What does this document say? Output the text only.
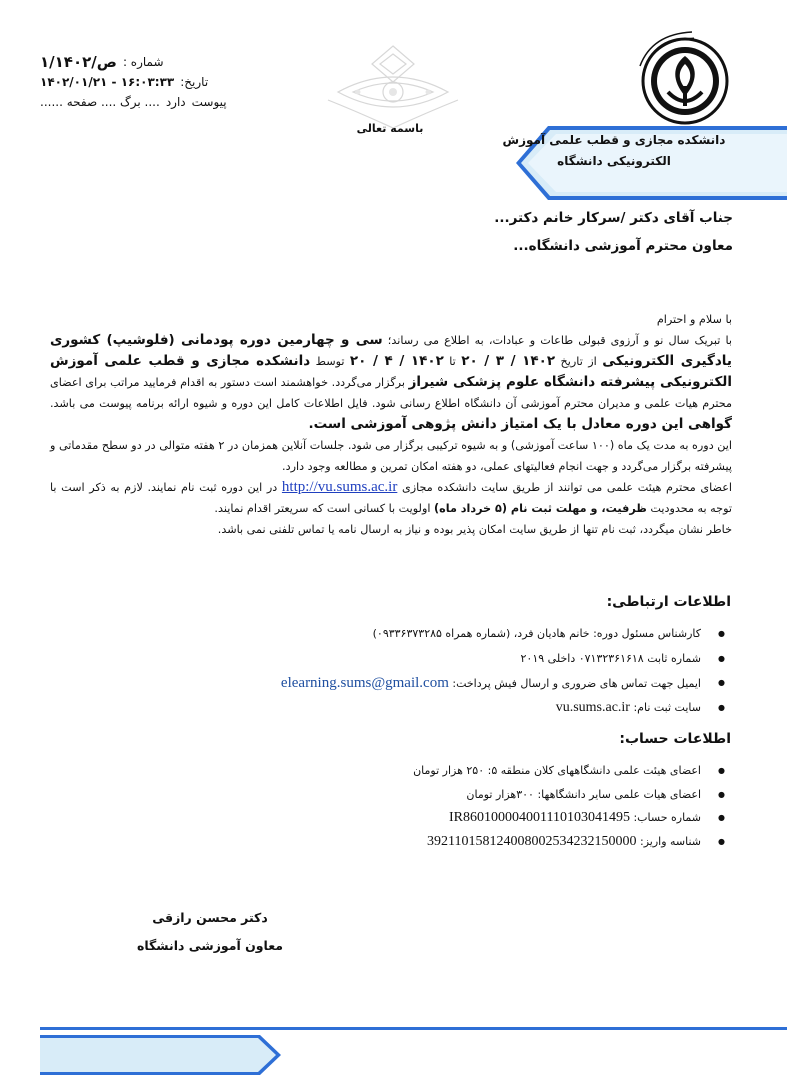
شماره :
ص/۱/۱۴۰۲
تاریخ:
۱۶:۰۳:۳۳ - ۱۴۰۲/۰۱/۲۱
پیوست
دارد
.... برگ .... صفحه ......
باسمه تعالی
دانشکده مجازی و قطب علمی آموزش
الکترونیکی دانشگاه
جناب آقای دکتر /سرکار خانم دکتر...
معاون محترم آموزشی دانشگاه...

با سلام و احترام

با تبریک سال نو و آرزوی قبولی طاعات و عبادات، به اطلاع می رساند؛ سی و چهارمین دوره پودمانی (فلوشیپ) کشوری یادگیری الکترونیکی از تاریخ ۱۴۰۲ / ۳ / ۲۰ تا ۱۴۰۲ / ۴ / ۲۰ توسط دانشکده مجازی و قطب علمی آموزش الکترونیکی پیشرفته دانشگاه علوم پزشکی شیراز برگزار می‌گردد. خواهشمند است دستور به اقدام فرمایید مراتب برای اعضای محترم هیات علمی و مدیران محترم آموزشی آن دانشگاه اطلاع رسانی شود. فایل اطلاعات کامل این دوره و شیوه ارائه برنامه پیوست می باشد. گواهی این دوره معادل با یک امتیاز دانش پژوهی آموزشی است.

این دوره به مدت یک ماه (۱۰۰ ساعت آموزشی) و به شیوه ترکیبی برگزار می شود. جلسات آنلاین همزمان در ۲ هفته متوالی در دو سطح مقدماتی و پیشرفته برگزار می‌گردد و جهت انجام فعالیتهای عملی، دو هفته امکان تمرین و مطالعه وجود دارد.

اعضای محترم هیئت علمی می توانند از طریق سایت دانشکده مجازی http://vu.sums.ac.ir در این دوره ثبت نام نمایند. لازم به ذکر است با توجه به محدودیت ظرفیت، و مهلت ثبت نام (۵ خرداد ماه) اولویت با کسانی است که سریعتر اقدام نمایند.

خاطر نشان میگردد، ثبت نام تنها از طریق سایت امکان پذیر بوده و نیاز به ارسال نامه یا تماس تلفنی نمی باشد.

اطلاعات ارتباطی:
● کارشناس مسئول دوره: خانم هادیان فرد، (شماره همراه ۰۹۳۳۶۳۷۳۲۸۵)
● شماره ثابت ۰۷۱۳۲۳۶۱۶۱۸ داخلی ۲۰۱۹
● ایمیل جهت تماس های ضروری و ارسال فیش پرداخت: elearning.sums@gmail.com
● سایت ثبت نام: vu.sums.ac.ir
اطلاعات حساب:
● اعضای هیئت علمی دانشگاههای کلان منطقه ۵: ۲۵۰ هزار تومان
● اعضای هیات علمی سایر دانشگاهها: ۳۰۰هزار تومان
● شماره حساب: IR860100004001110103041495
● شناسه واریز: 392110158124008002534232150000
دکتر محسن رازقی
معاون آموزشی دانشگاه
